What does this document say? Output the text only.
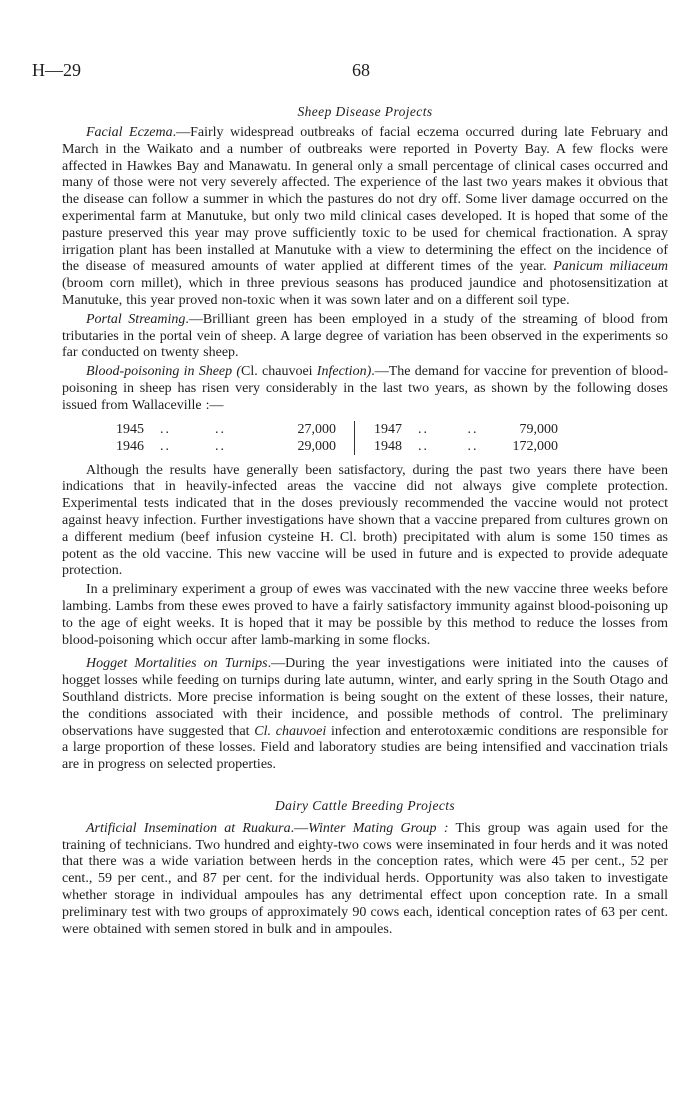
H—29	68
Sheep Disease Projects

Facial Eczema.—Fairly widespread outbreaks of facial eczema occurred during late February and March in the Waikato and a number of outbreaks were reported in Poverty Bay. A few flocks were affected in Hawkes Bay and Manawatu. In general only a small percentage of clinical cases occurred and many of those were not very severely affected. The experience of the last two years makes it obvious that the disease can follow a summer in which the pastures do not dry off. Some liver damage occurred on the experimental farm at Manutuke, but only two mild clinical cases developed. It is hoped that some of the pasture preserved this year may prove sufficiently toxic to be used for chemical fractionation. A spray irrigation plant has been installed at Manutuke with a view to determining the effect on the incidence of the disease of measured amounts of water applied at different times of the year. Panicum miliaceum (broom corn millet), which in three previous seasons has produced jaundice and photosensitization at Manutuke, this year proved non-toxic when it was sown later and on a different soil type.

Portal Streaming.—Brilliant green has been employed in a study of the streaming of blood from tributaries in the portal vein of sheep. A large degree of variation has been observed in the experiments so far conducted on twenty sheep.

Blood-poisoning in Sheep (Cl. chauvoei Infection).—The demand for vaccine for prevention of blood-poisoning in sheep has risen very considerably in the last two years, as shown by the following doses issued from Wallaceville :—

1945	..        ..	27,000		1947	..       ..	79,000
1946	..        ..	29,000		1948	..       ..	172,000

Although the results have generally been satisfactory, during the past two years there have been indications that in heavily-infected areas the vaccine did not always give complete protection. Experimental tests indicated that in the doses previously recommended the vaccine would not protect against heavy infection. Further investigations have shown that a vaccine prepared from cultures grown on a different medium (beef infusion cysteine H. Cl. broth) precipitated with alum is some 150 times as potent as the old vaccine. This new vaccine will be used in future and is expected to provide adequate protection.

In a preliminary experiment a group of ewes was vaccinated with the new vaccine three weeks before lambing. Lambs from these ewes proved to have a fairly satisfactory immunity against blood-poisoning up to the age of eight weeks. It is hoped that it may be possible by this method to reduce the losses from blood-poisoning which occur after lamb-marking in some flocks.

Hogget Mortalities on Turnips.—During the year investigations were initiated into the causes of hogget losses while feeding on turnips during late autumn, winter, and early spring in the South Otago and Southland districts. More precise information is being sought on the extent of these losses, their nature, the conditions associated with their incidence, and possible methods of control. The preliminary observations have suggested that Cl. chauvoei infection and enterotoxæmic conditions are responsible for a large proportion of these losses. Field and laboratory studies are being intensified and vaccination trials are in progress on selected properties.

Dairy Cattle Breeding Projects

Artificial Insemination at Ruakura.—Winter Mating Group : This group was again used for the training of technicians. Two hundred and eighty-two cows were inseminated in four herds and it was noted that there was a wide variation between herds in the conception rates, which were 45 per cent., 52 per cent., 59 per cent., and 87 per cent. for the individual herds. Opportunity was also taken to investigate whether storage in individual ampoules has any detrimental effect upon conception rate. In a small preliminary test with two groups of approximately 90 cows each, identical conception rates of 63 per cent. were obtained with semen stored in bulk and in ampoules.
